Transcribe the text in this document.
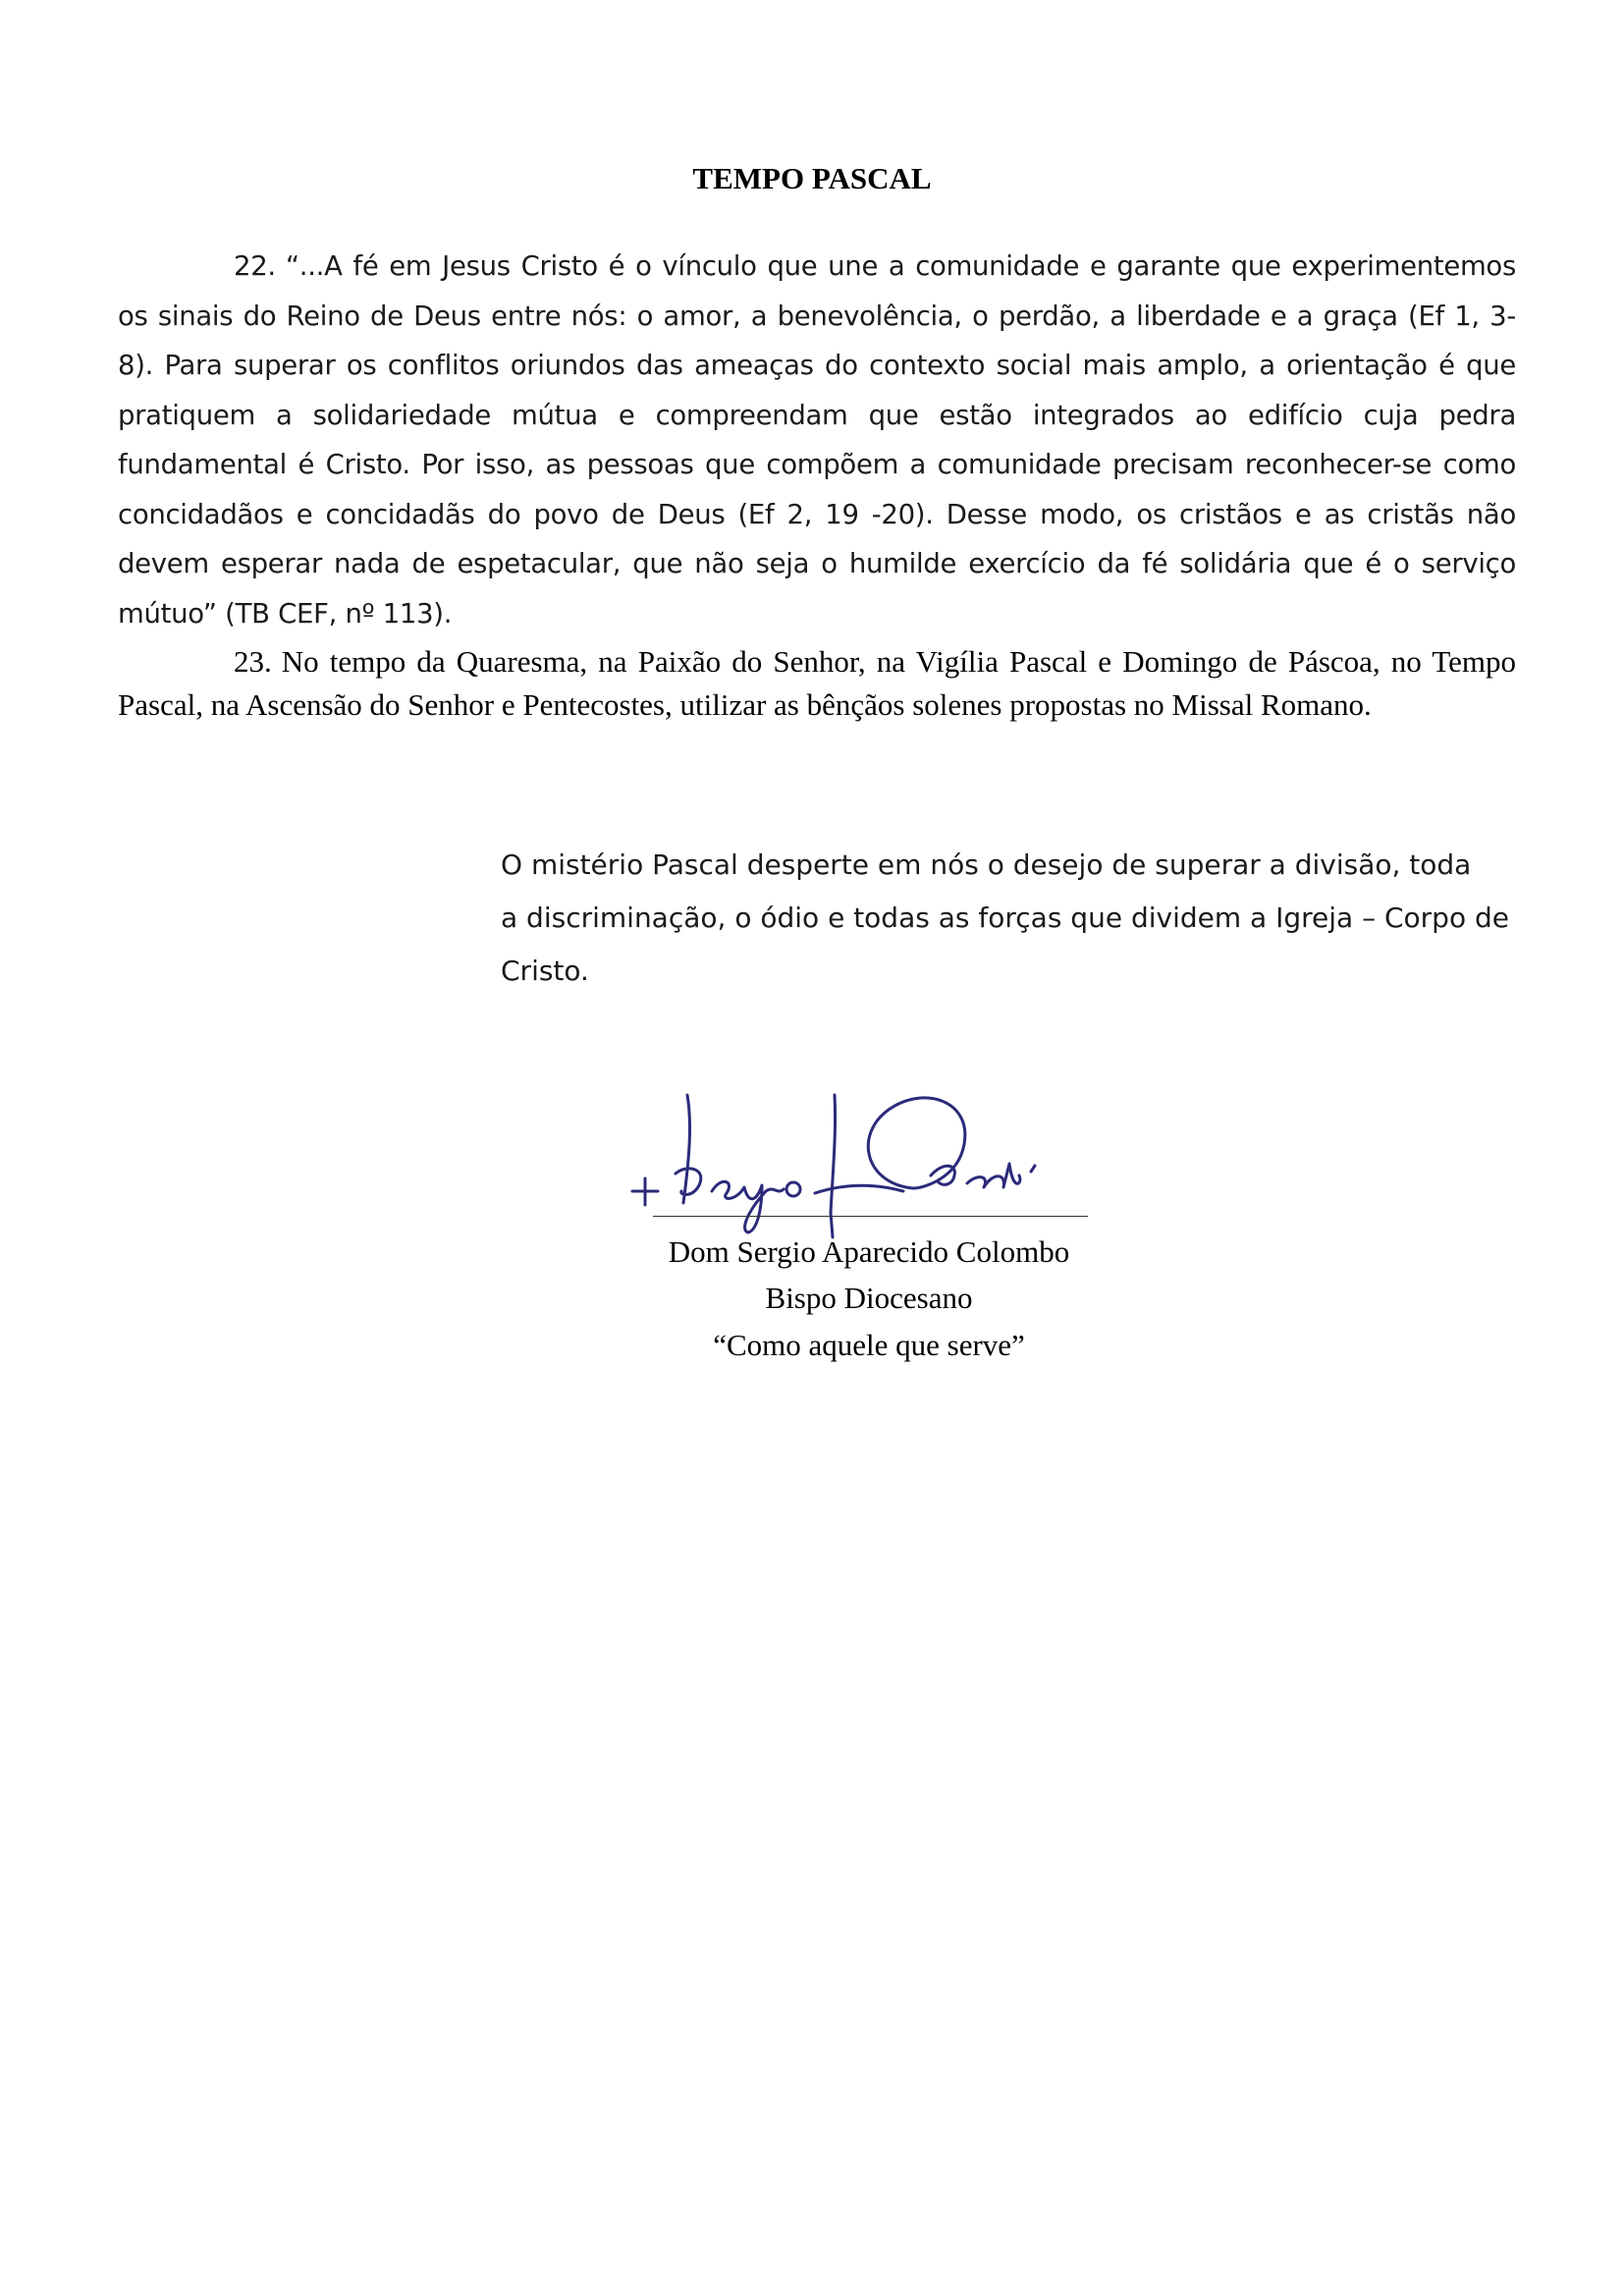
TEMPO PASCAL
22. “...A fé em Jesus Cristo é o vínculo que une a comunidade e garante que experimentemos os sinais do Reino de Deus entre nós: o amor, a benevolência, o perdão, a liberdade e a graça (Ef 1, 3- 8). Para superar os conflitos oriundos das ameaças do contexto social mais amplo, a orientação é que pratiquem a solidariedade mútua e compreendam que estão integrados ao edifício cuja pedra fundamental é Cristo. Por isso, as pessoas que compõem a comunidade precisam reconhecer-se como concidadãos e concidadãs do povo de Deus (Ef 2, 19 -20). Desse modo, os cristãos e as cristãs não devem esperar nada de espetacular, que não seja o humilde exercício da fé solidária que é o serviço mútuo” (TB CEF, nº 113).
23. No tempo da Quaresma, na Paixão do Senhor, na Vigília Pascal e Domingo de Páscoa, no Tempo Pascal, na Ascensão do Senhor e Pentecostes, utilizar as bênçãos solenes propostas no Missal Romano.
O mistério Pascal desperte em nós o desejo de superar a divisão, toda
a discriminação, o ódio e todas as forças que dividem a Igreja – Corpo de
Cristo.
Dom Sergio Aparecido Colombo
Bispo Diocesano
“Como aquele que serve”
